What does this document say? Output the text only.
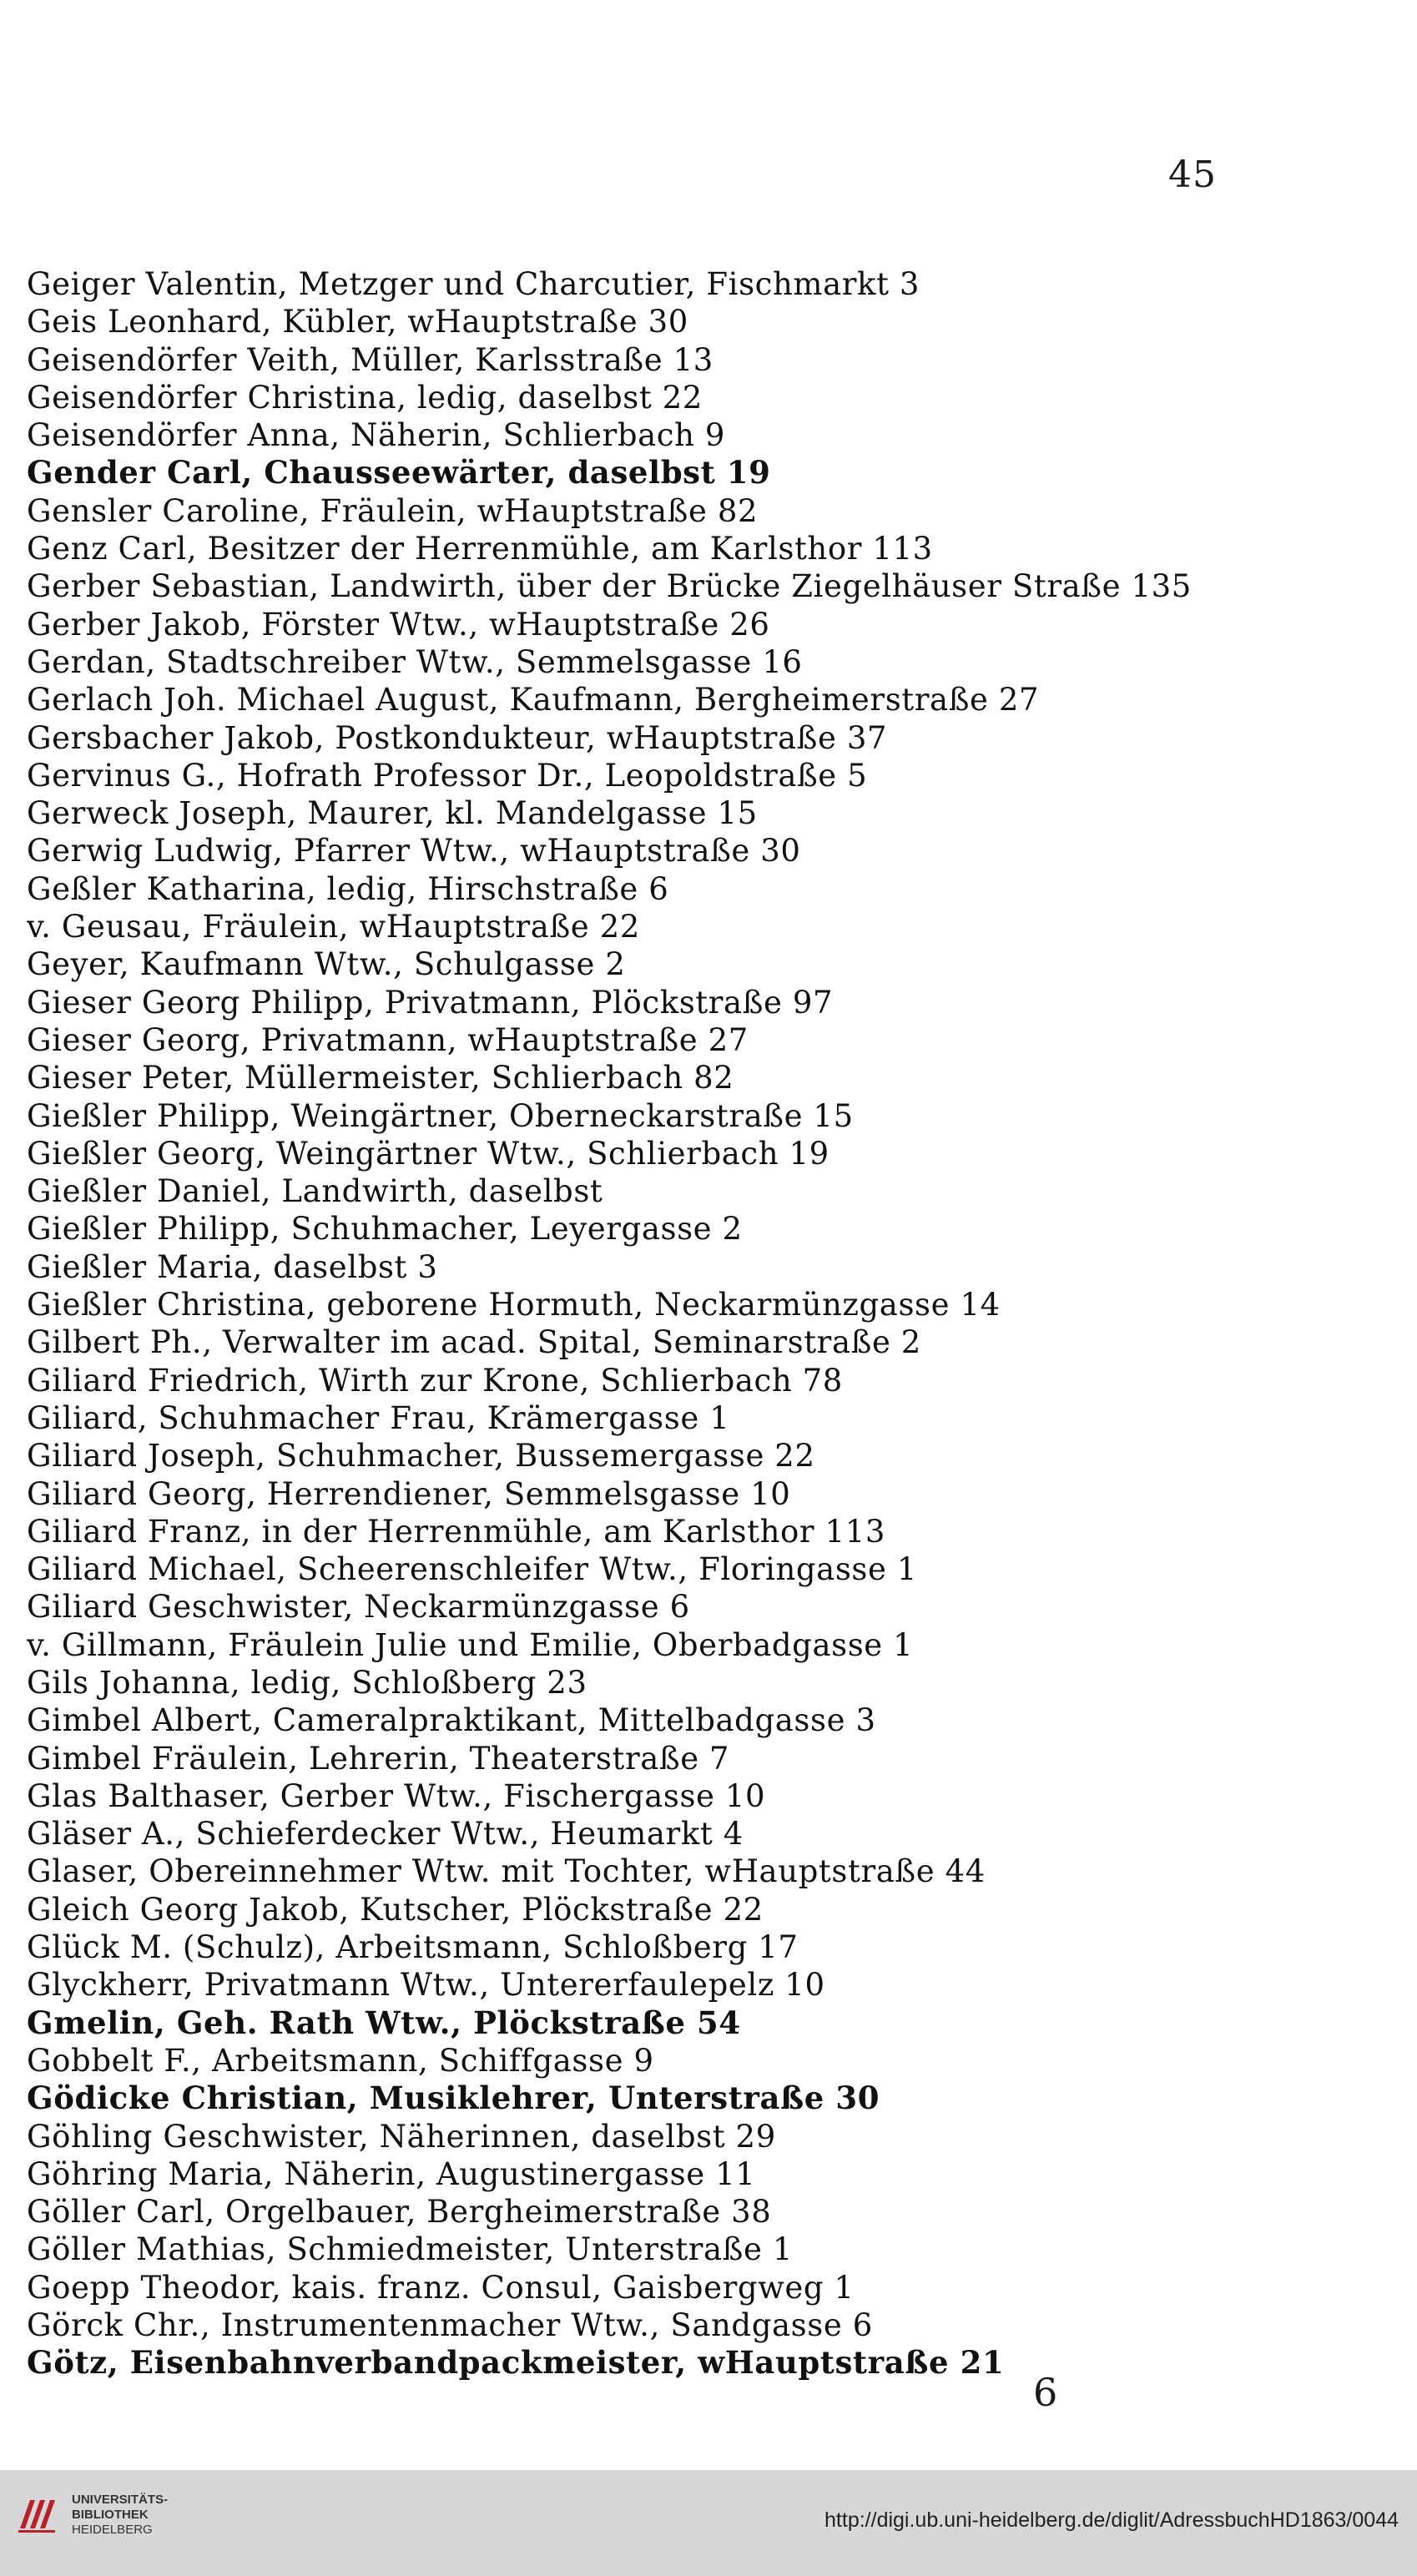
45
Geiger Valentin, Metzger und Charcutier, Fischmarkt 3
Geis Leonhard, Kübler, wHauptstraße 30
Geisendörfer Veith, Müller, Karlsstraße 13
Geisendörfer Christina, ledig, daselbst 22
Geisendörfer Anna, Näherin, Schlierbach 9
Gender Carl, Chausseewärter, daselbst 19
Gensler Caroline, Fräulein, wHauptstraße 82
Genz Carl, Besitzer der Herrenmühle, am Karlsthor 113
Gerber Sebastian, Landwirth, über der Brücke Ziegelhäuser Straße 135
Gerber Jakob, Förster Wtw., wHauptstraße 26
Gerdan, Stadtschreiber Wtw., Semmelsgasse 16
Gerlach Joh. Michael August, Kaufmann, Bergheimerstraße 27
Gersbacher Jakob, Postkondukteur, wHauptstraße 37
Gervinus G., Hofrath Professor Dr., Leopoldstraße 5
Gerweck Joseph, Maurer, kl. Mandelgasse 15
Gerwig Ludwig, Pfarrer Wtw., wHauptstraße 30
Geßler Katharina, ledig, Hirschstraße 6
v. Geusau, Fräulein, wHauptstraße 22
Geyer, Kaufmann Wtw., Schulgasse 2
Gieser Georg Philipp, Privatmann, Plöckstraße 97
Gieser Georg, Privatmann, wHauptstraße 27
Gieser Peter, Müllermeister, Schlierbach 82
Gießler Philipp, Weingärtner, Oberneckarstraße 15
Gießler Georg, Weingärtner Wtw., Schlierbach 19
Gießler Daniel, Landwirth, daselbst
Gießler Philipp, Schuhmacher, Leyergasse 2
Gießler Maria, daselbst 3
Gießler Christina, geborene Hormuth, Neckarmünzgasse 14
Gilbert Ph., Verwalter im acad. Spital, Seminarstraße 2
Giliard Friedrich, Wirth zur Krone, Schlierbach 78
Giliard, Schuhmacher Frau, Krämergasse 1
Giliard Joseph, Schuhmacher, Bussemergasse 22
Giliard Georg, Herrendiener, Semmelsgasse 10
Giliard Franz, in der Herrenmühle, am Karlsthor 113
Giliard Michael, Scheerenschleifer Wtw., Floringasse 1
Giliard Geschwister, Neckarmünzgasse 6
v. Gillmann, Fräulein Julie und Emilie, Oberbadgasse 1
Gils Johanna, ledig, Schloßberg 23
Gimbel Albert, Cameralpraktikant, Mittelbadgasse 3
Gimbel Fräulein, Lehrerin, Theaterstraße 7
Glas Balthaser, Gerber Wtw., Fischergasse 10
Gläser A., Schieferdecker Wtw., Heumarkt 4
Glaser, Obereinnehmer Wtw. mit Tochter, wHauptstraße 44
Gleich Georg Jakob, Kutscher, Plöckstraße 22
Glück M. (Schulz), Arbeitsmann, Schloßberg 17
Glyckherr, Privatmann Wtw., Untererfaulepelz 10
Gmelin, Geh. Rath Wtw., Plöckstraße 54
Gobbelt F., Arbeitsmann, Schiffgasse 9
Gödicke Christian, Musiklehrer, Unterstraße 30
Göhling Geschwister, Näherinnen, daselbst 29
Göhring Maria, Näherin, Augustinergasse 11
Göller Carl, Orgelbauer, Bergheimerstraße 38
Göller Mathias, Schmiedmeister, Unterstraße 1
Goepp Theodor, kais. franz. Consul, Gaisbergweg 1
Görck Chr., Instrumentenmacher Wtw., Sandgasse 6
Götz, Eisenbahnverbandpackmeister, wHauptstraße 21
6
UNIVERSITÄTS-
BIBLIOTHEK
HEIDELBERG	http://digi.ub.uni-heidelberg.de/diglit/AdressbuchHD1863/0044
